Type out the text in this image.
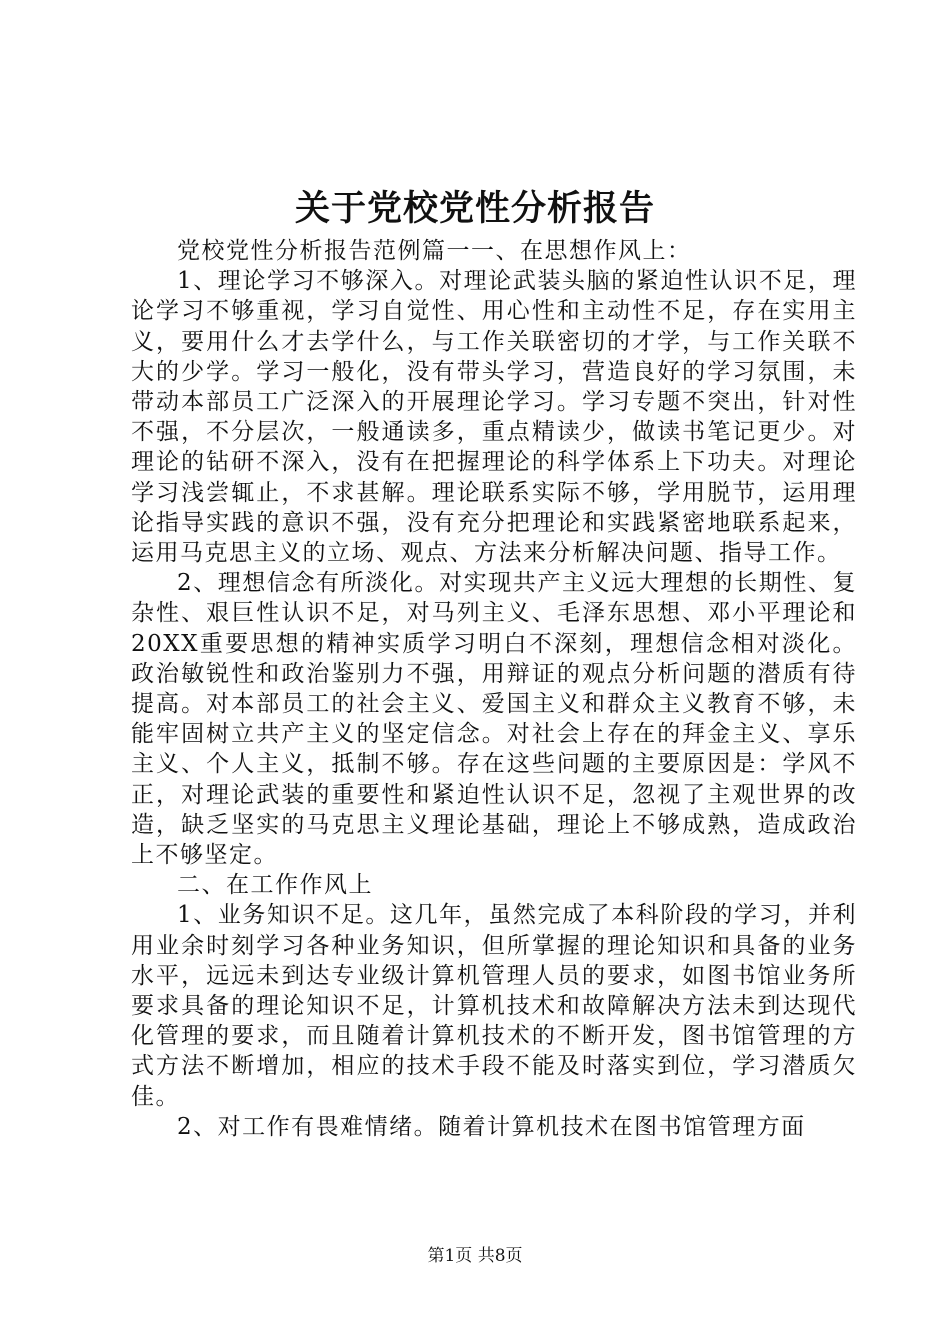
关于党校党性分析报告

党校党性分析报告范例篇一一、在思想作风上：

1、理论学习不够深入。对理论武装头脑的紧迫性认识不足，理论学习不够重视，学习自觉性、用心性和主动性不足，存在实用主义，要用什么才去学什么，与工作关联密切的才学，与工作关联不大的少学。学习一般化，没有带头学习，营造良好的学习氛围，未带动本部员工广泛深入的开展理论学习。学习专题不突出，针对性不强，不分层次，一般通读多，重点精读少，做读书笔记更少。对理论的钻研不深入，没有在把握理论的科学体系上下功夫。对理论学习浅尝辄止，不求甚解。理论联系实际不够，学用脱节，运用理论指导实践的意识不强，没有充分把理论和实践紧密地联系起来，运用马克思主义的立场、观点、方法来分析解决问题、指导工作。

2、理想信念有所淡化。对实现共产主义远大理想的长期性、复杂性、艰巨性认识不足，对马列主义、毛泽东思想、邓小平理论和20XX重要思想的精神实质学习明白不深刻，理想信念相对淡化。政治敏锐性和政治鉴别力不强，用辩证的观点分析问题的潜质有待提高。对本部员工的社会主义、爱国主义和群众主义教育不够，未能牢固树立共产主义的坚定信念。对社会上存在的拜金主义、享乐主义、个人主义，抵制不够。存在这些问题的主要原因是：学风不正，对理论武装的重要性和紧迫性认识不足，忽视了主观世界的改造，缺乏坚实的马克思主义理论基础，理论上不够成熟，造成政治上不够坚定。

二、在工作作风上

1、业务知识不足。这几年，虽然完成了本科阶段的学习，并利用业余时刻学习各种业务知识，但所掌握的理论知识和具备的业务水平，远远未到达专业级计算机管理人员的要求，如图书馆业务所要求具备的理论知识不足，计算机技术和故障解决方法未到达现代化管理的要求，而且随着计算机技术的不断开发，图书馆管理的方式方法不断增加，相应的技术手段不能及时落实到位，学习潜质欠佳。

2、对工作有畏难情绪。随着计算机技术在图书馆管理方面

第1页 共8页
